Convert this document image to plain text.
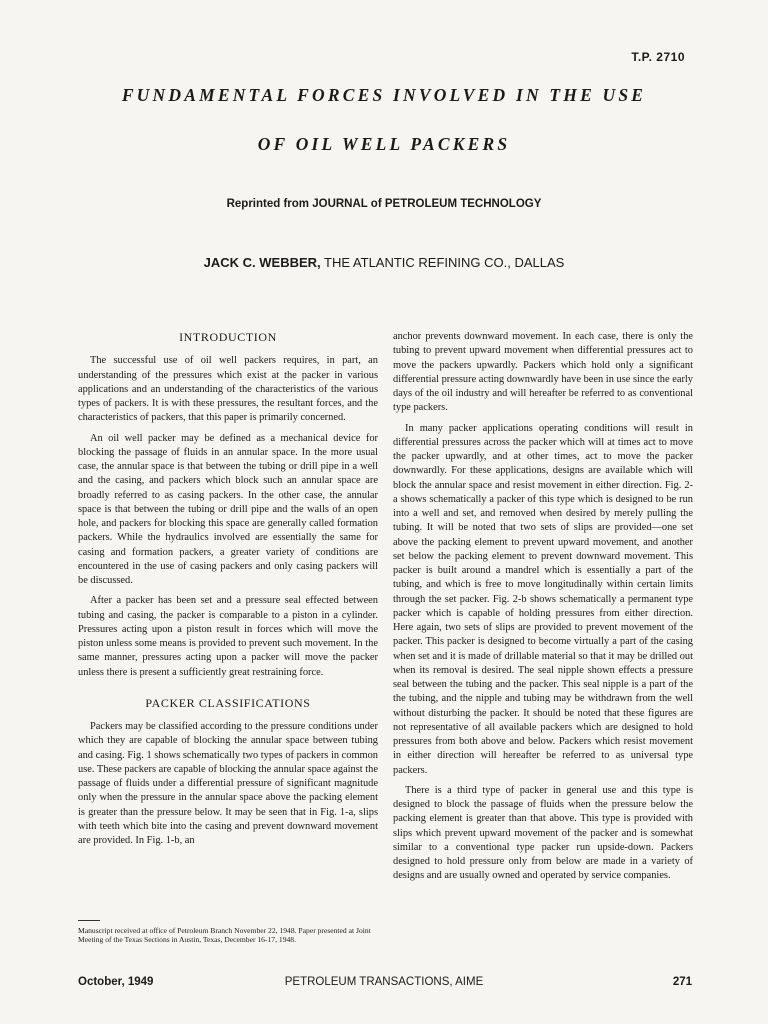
T.P. 2710
FUNDAMENTAL FORCES INVOLVED IN THE USE
OF OIL WELL PACKERS
Reprinted from JOURNAL of PETROLEUM TECHNOLOGY
JACK C. WEBBER, THE ATLANTIC REFINING CO., DALLAS
INTRODUCTION

The successful use of oil well packers requires, in part, an understanding of the pressures which exist at the packer in various applications and an understanding of the characteristics of the various types of packers. It is with these pressures, the resultant forces, and the characteristics of packers, that this paper is primarily concerned.

An oil well packer may be defined as a mechanical device for blocking the passage of fluids in an annular space. In the more usual case, the annular space is that between the tubing or drill pipe in a well and the casing, and packers which block such an annular space are broadly referred to as casing packers. In the other case, the annular space is that between the tubing or drill pipe and the walls of an open hole, and packers for blocking this space are generally called formation packers. While the hydraulics involved are essentially the same for casing and formation packers, a greater variety of conditions are encountered in the use of casing packers and only casing packers will be discussed.

After a packer has been set and a pressure seal effected between tubing and casing, the packer is comparable to a piston in a cylinder. Pressures acting upon a piston result in forces which will move the piston unless some means is provided to prevent such movement. In the same manner, pressures acting upon a packer will move the packer unless there is present a sufficiently great restraining force.

PACKER CLASSIFICATIONS

Packers may be classified according to the pressure conditions under which they are capable of blocking the annular space between tubing and casing. Fig. 1 shows schematically two types of packers in common use. These packers are capable of blocking the annular space against the passage of fluids under a differential pressure of significant magnitude only when the pressure in the annular space above the packing element is greater than the pressure below. It may be seen that in Fig. 1-a, slips with teeth which bite into the casing and prevent downward movement are provided. In Fig. 1-b, an

Manuscript received at office of Petroleum Branch November 22, 1948. Paper presented at Joint Meeting of the Texas Sections in Austin, Texas, December 16-17, 1948.

anchor prevents downward movement. In each case, there is only the tubing to prevent upward movement when differential pressures act to move the packers upwardly. Packers which hold only a significant differential pressure acting downwardly have been in use since the early days of the oil industry and will hereafter be referred to as conventional type packers.

In many packer applications operating conditions will result in differential pressures across the packer which will at times act to move the packer upwardly, and at other times, act to move the packer downwardly. For these applications, designs are available which will block the annular space and resist movement in either direction. Fig. 2-a shows schematically a packer of this type which is designed to be run into a well and set, and removed when desired by merely pulling the tubing. It will be noted that two sets of slips are provided—one set above the packing element to prevent upward movement, and another set below the packing element to prevent downward movement. This packer is built around a mandrel which is essentially a part of the tubing, and which is free to move longitudinally within certain limits through the set packer. Fig. 2-b shows schematically a permanent type packer which is capable of holding pressures from either direction. Here again, two sets of slips are provided to prevent movement of the packer. This packer is designed to become virtually a part of the casing when set and it is made of drillable material so that it may be drilled out when its removal is desired. The seal nipple shown effects a pressure seal between the tubing and the packer. This seal nipple is a part of the the tubing, and the nipple and tubing may be withdrawn from the well without disturbing the packer. It should be noted that these figures are not representative of all available packers which are designed to hold pressures from both above and below. Packers which resist movement in either direction will hereafter be referred to as universal type packers.

There is a third type of packer in general use and this type is designed to block the passage of fluids when the pressure below the packing element is greater than that above. This type is provided with slips which prevent upward movement of the packer and is somewhat similar to a conventional type packer run upside-down. Packers designed to hold pressure only from below are made in a variety of designs and are usually owned and operated by service companies.

PETROLEUM TRANSACTIONS, AIME
October, 1949	271
